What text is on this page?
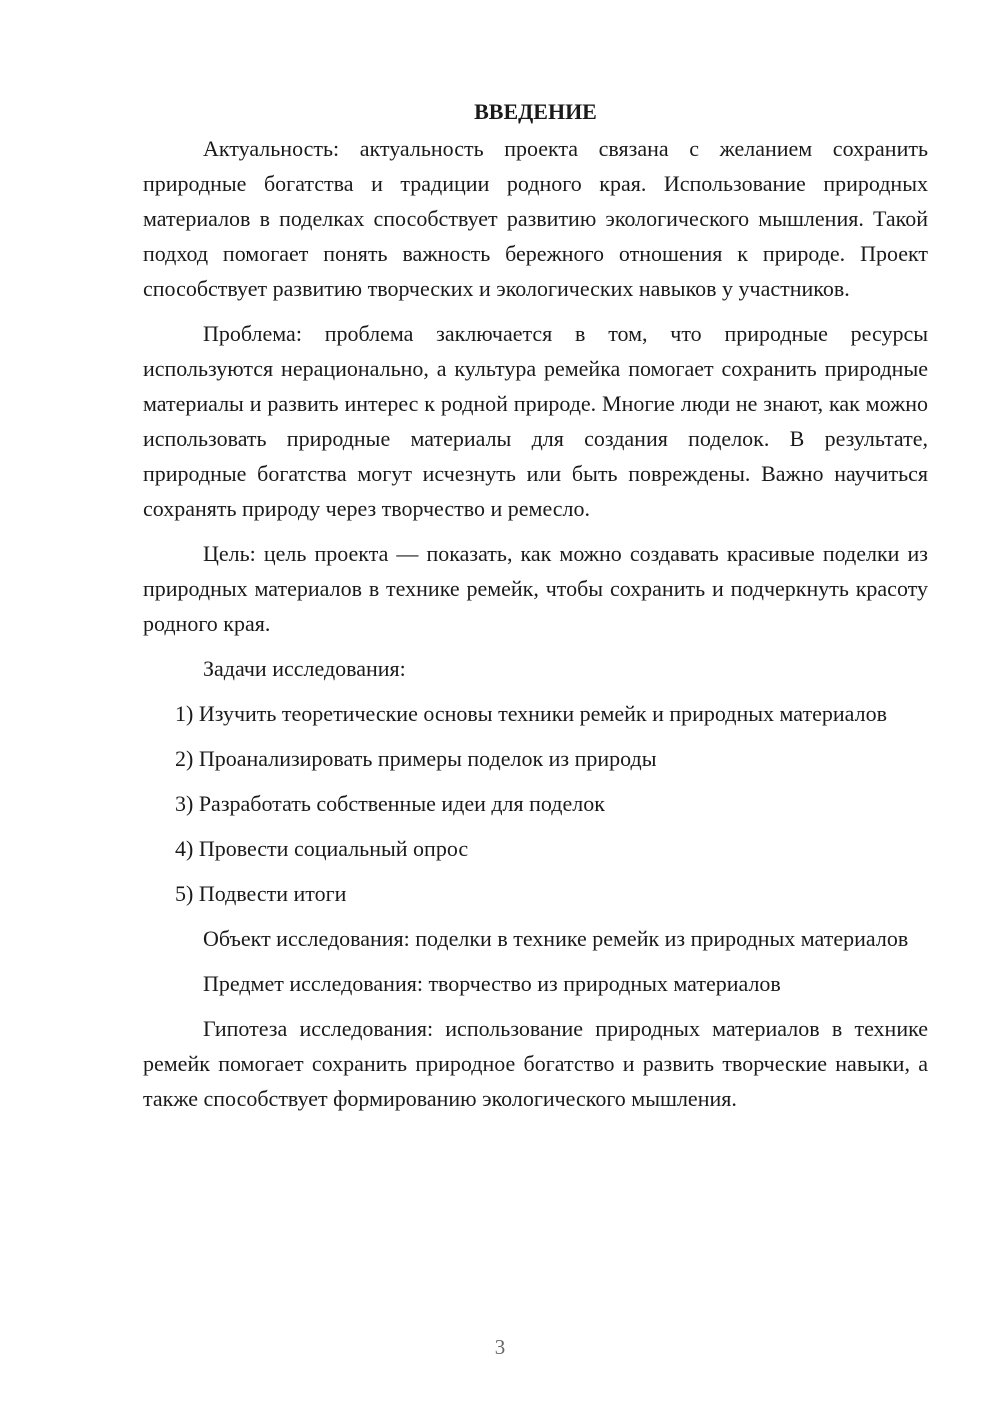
ВВЕДЕНИЕ

Актуальность: актуальность проекта связана с желанием сохранить природные богатства и традиции родного края. Использование природных материалов в поделках способствует развитию экологического мышления. Такой подход помогает понять важность бережного отношения к природе. Проект способствует развитию творческих и экологических навыков у участников.

Проблема: проблема заключается в том, что природные ресурсы используются нерационально, а культура ремейка помогает сохранить природные материалы и развить интерес к родной природе. Многие люди не знают, как можно использовать природные материалы для создания поделок. В результате, природные богатства могут исчезнуть или быть повреждены. Важно научиться сохранять природу через творчество и ремесло.

Цель: цель проекта — показать, как можно создавать красивые поделки из природных материалов в технике ремейк, чтобы сохранить и подчеркнуть красоту родного края.

Задачи исследования:

1) Изучить теоретические основы техники ремейк и природных материалов

2) Проанализировать примеры поделок из природы

3) Разработать собственные идеи для поделок

4) Провести социальный опрос

5) Подвести итоги

Объект исследования: поделки в технике ремейк из природных материалов

Предмет исследования: творчество из природных материалов

Гипотеза исследования: использование природных материалов в технике ремейк помогает сохранить природное богатство и развить творческие навыки, а также способствует формированию экологического мышления.

3
